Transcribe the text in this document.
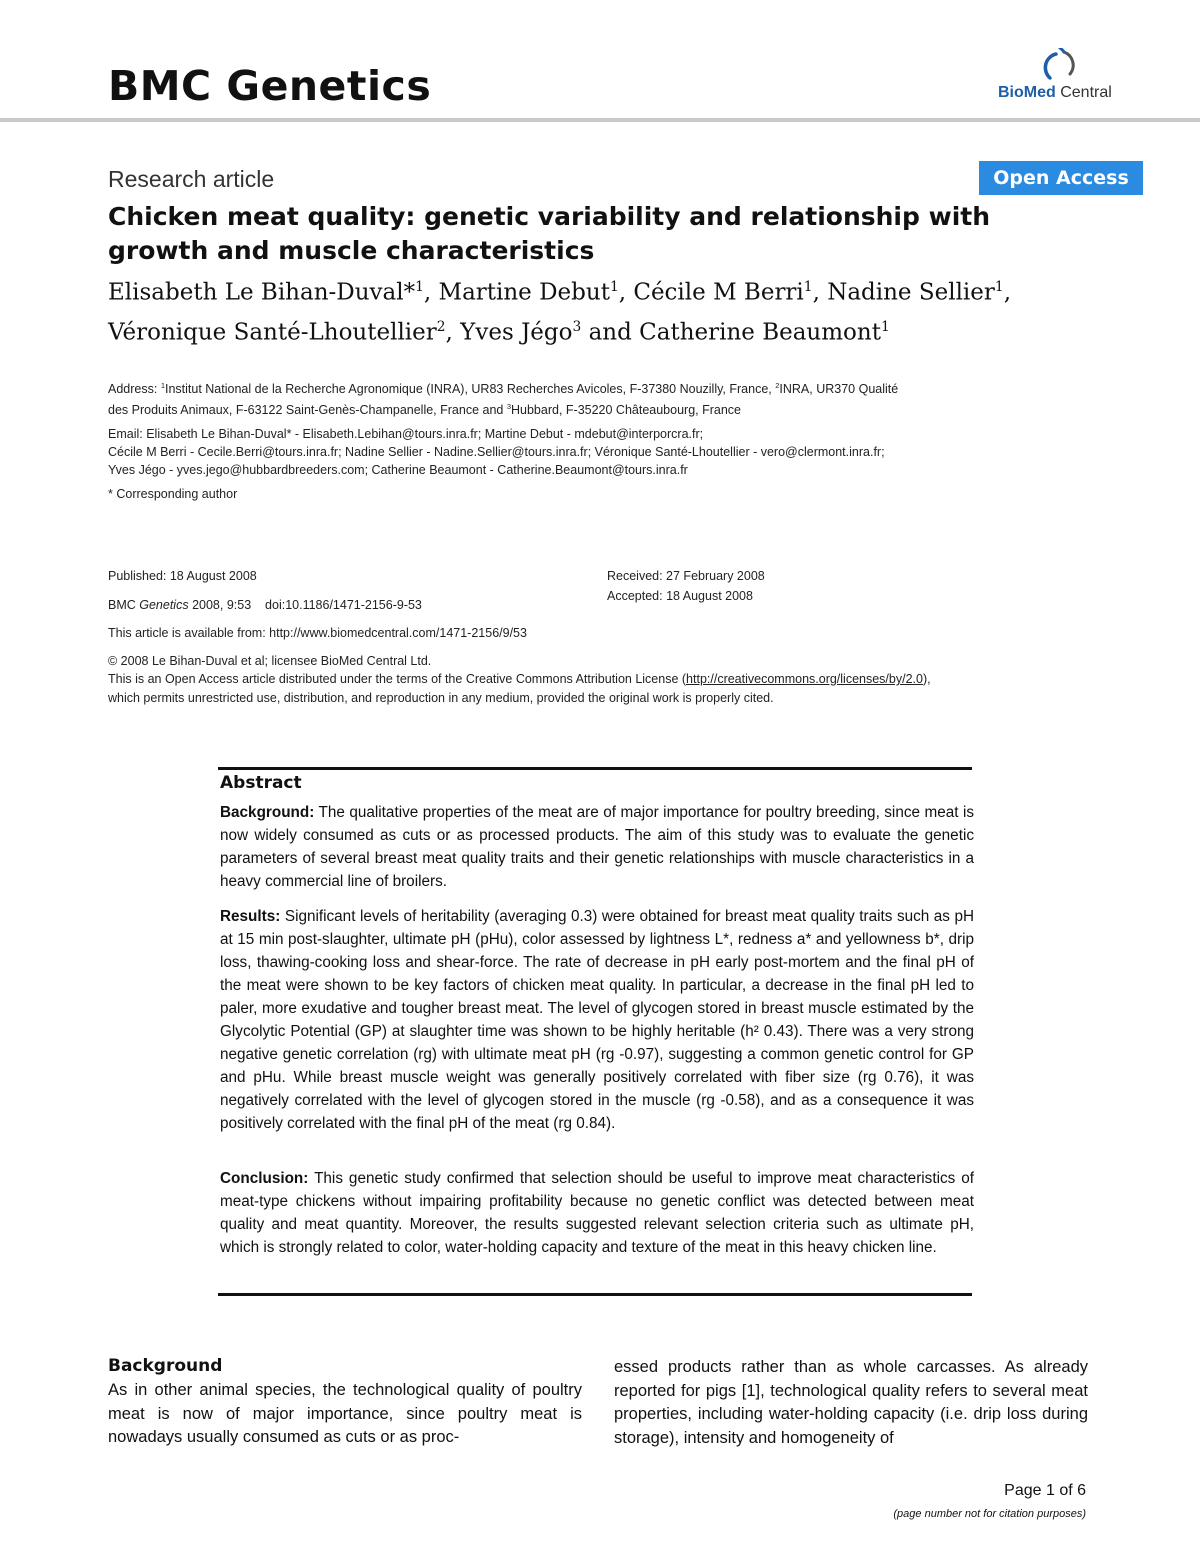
BMC Genetics	BioMed Central
Research article	Open Access
Chicken meat quality: genetic variability and relationship with
growth and muscle characteristics
Elisabeth Le Bihan-Duval*$^1$, Martine Debut$^1$, Cécile M Berri$^1$, Nadine Sellier$^1$,
Véronique Santé-Lhoutellier$^2$, Yves Jégo$^3$ and Catherine Beaumont$^1$
Address: $^1$Institut National de la Recherche Agronomique (INRA), UR83 Recherches Avicoles, F-37380 Nouzilly, France, $^2$INRA, UR370 Qualité
des Produits Animaux, F-63122 Saint-Genès-Champanelle, France and $^3$Hubbard, F-35220 Châteaubourg, France
Email: Elisabeth Le Bihan-Duval* - Elisabeth.Lebihan@tours.inra.fr; Martine Debut - mdebut@interporcra.fr;
Cécile M Berri - Cecile.Berri@tours.inra.fr; Nadine Sellier - Nadine.Sellier@tours.inra.fr; Véronique Santé-Lhoutellier - vero@clermont.inra.fr;
Yves Jégo - yves.jego@hubbardbreeders.com; Catherine Beaumont - Catherine.Beaumont@tours.inra.fr
* Corresponding author
Published: 18 August 2008
BMC Genetics 2008, 9:53    doi:10.1186/1471-2156-9-53
Received: 27 February 2008
Accepted: 18 August 2008
This article is available from: http://www.biomedcentral.com/1471-2156/9/53
© 2008 Le Bihan-Duval et al; licensee BioMed Central Ltd.
This is an Open Access article distributed under the terms of the Creative Commons Attribution License (http://creativecommons.org/licenses/by/2.0),
which permits unrestricted use, distribution, and reproduction in any medium, provided the original work is properly cited.
Abstract
Background: The qualitative properties of the meat are of major importance for poultry breeding, since meat is now widely consumed as cuts or as processed products. The aim of this study was to evaluate the genetic parameters of several breast meat quality traits and their genetic relationships with muscle characteristics in a heavy commercial line of broilers.
Results: Significant levels of heritability (averaging 0.3) were obtained for breast meat quality traits such as pH at 15 min post-slaughter, ultimate pH (pHu), color assessed by lightness L*, redness a* and yellowness b*, drip loss, thawing-cooking loss and shear-force. The rate of decrease in pH early post-mortem and the final pH of the meat were shown to be key factors of chicken meat quality. In particular, a decrease in the final pH led to paler, more exudative and tougher breast meat. The level of glycogen stored in breast muscle estimated by the Glycolytic Potential (GP) at slaughter time was shown to be highly heritable (h² 0.43). There was a very strong negative genetic correlation (rg) with ultimate meat pH (rg -0.97), suggesting a common genetic control for GP and pHu. While breast muscle weight was generally positively correlated with fiber size (rg 0.76), it was negatively correlated with the level of glycogen stored in the muscle (rg -0.58), and as a consequence it was positively correlated with the final pH of the meat (rg 0.84).
Conclusion: This genetic study confirmed that selection should be useful to improve meat characteristics of meat-type chickens without impairing profitability because no genetic conflict was detected between meat quality and meat quantity. Moreover, the results suggested relevant selection criteria such as ultimate pH, which is strongly related to color, water-holding capacity and texture of the meat in this heavy chicken line.
Background
As in other animal species, the technological quality of poultry meat is now of major importance, since poultry meat is nowadays usually consumed as cuts or as proc-
essed products rather than as whole carcasses. As already reported for pigs [1], technological quality refers to several meat properties, including water-holding capacity (i.e. drip loss during storage), intensity and homogeneity of
Page 1 of 6
(page number not for citation purposes)
